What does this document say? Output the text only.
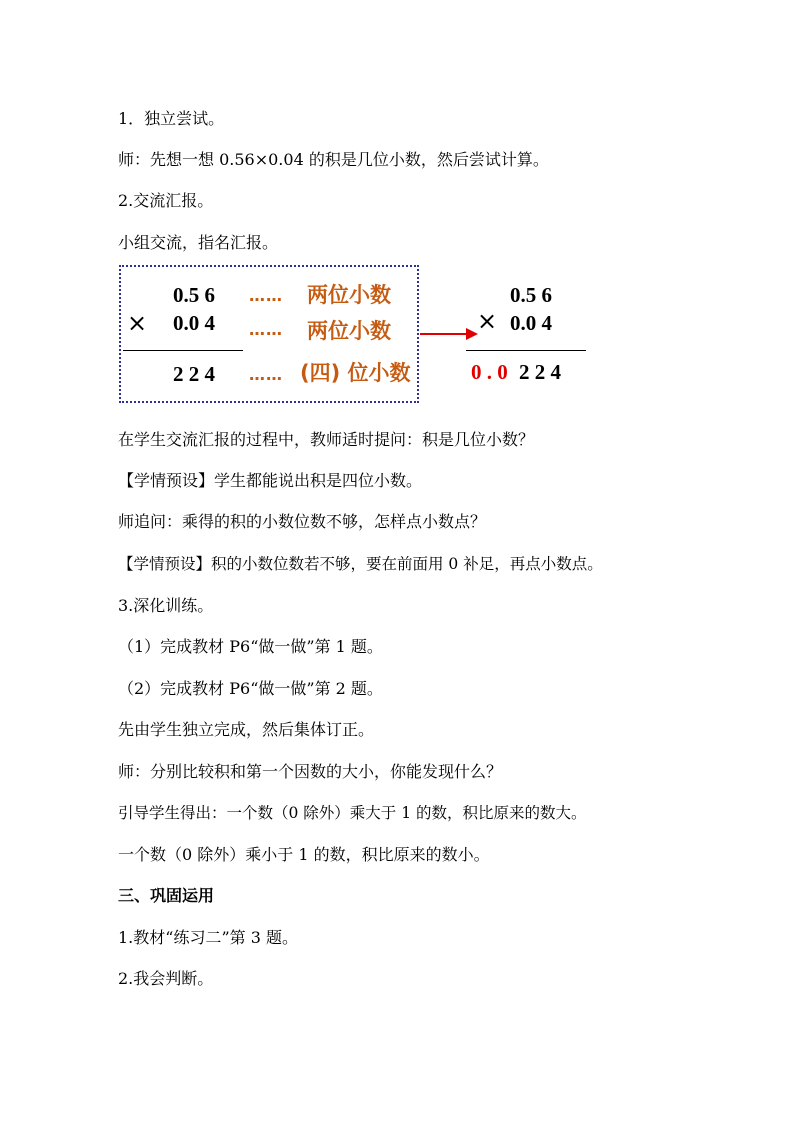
1．独立尝试。
师：先想一想 0.56×0.04 的积是几位小数，然后尝试计算。
2.交流汇报。
小组交流，指名汇报。
0.5 6
× 0.0 4
2 2 4
…… 两位小数
…… 两位小数
…… (四) 位小数
0.5 6
× 0.0 4
0 . 0 2 2 4
在学生交流汇报的过程中，教师适时提问：积是几位小数？
【学情预设】学生都能说出积是四位小数。
师追问：乘得的积的小数位数不够，怎样点小数点？
【学情预设】积的小数位数若不够，要在前面用 0 补足，再点小数点。
3.深化训练。
（1）完成教材 P6“做一做”第 1 题。
（2）完成教材 P6“做一做”第 2 题。
先由学生独立完成，然后集体订正。
师：分别比较积和第一个因数的大小，你能发现什么？
引导学生得出：一个数（0 除外）乘大于 1 的数，积比原来的数大。
一个数（0 除外）乘小于 1 的数，积比原来的数小。
三、巩固运用
1.教材“练习二”第 3 题。
2.我会判断。
